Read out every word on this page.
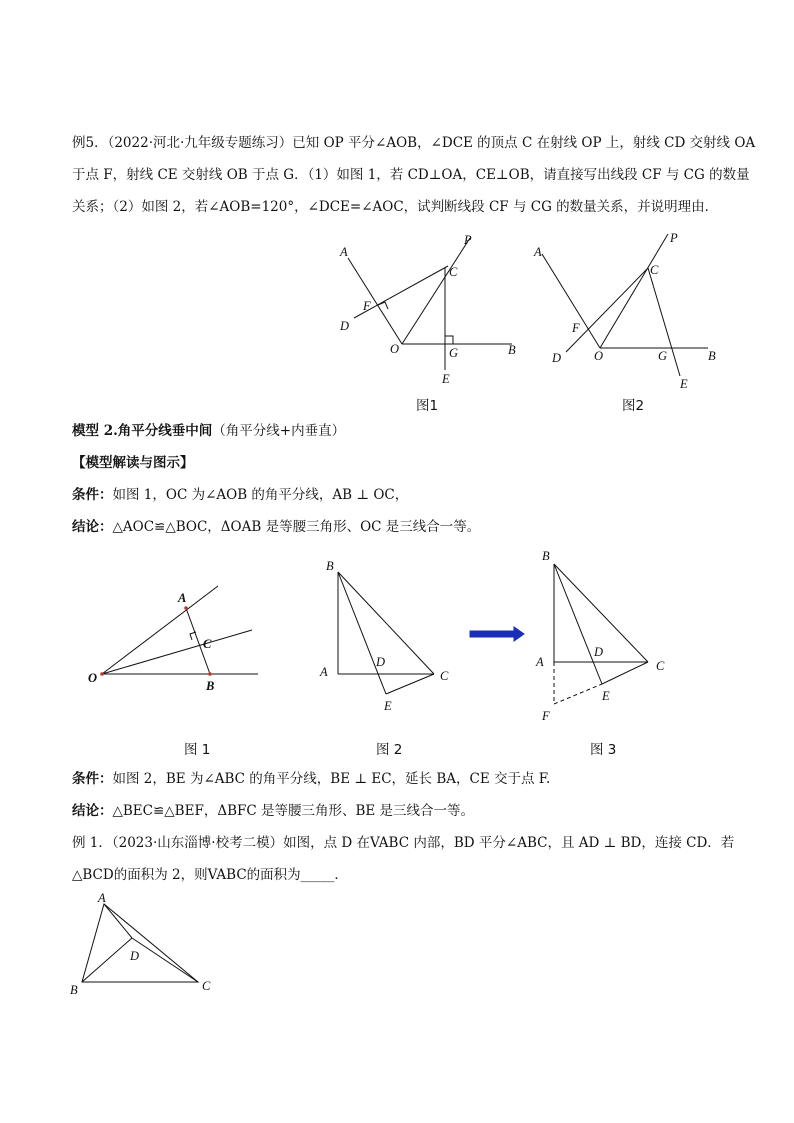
例5．（2022·河北·九年级专题练习）已知 OP 平分∠AOB，∠DCE 的顶点 C 在射线 OP 上，射线 CD 交射线 OA
于点 F，射线 CE 交射线 OB 于点 G．（1）如图 1，若 CD⊥OA，CE⊥OB，请直接写出线段 CF 与 CG 的数量
关系；（2）如图 2，若∠AOB=120°，∠DCE=∠AOC，试判断线段 CF 与 CG 的数量关系，并说明理由．
A
P
C
F
D
O	G	B
E
图1
A
P
C
F
D	O	G	B
E
图2
模型 2.角平分线垂中间（角平分线+内垂直）
【模型解读与图示】
条件：如图 1，OC 为∠AOB 的角平分线，AB ⊥ OC，
结论：△AOC≌△BOC，ΔOAB 是等腰三角形、OC 是三线合一等。
A
C
O
B
图 1
B
A
D
C
E
图 2
B
A
D
C
E
F
图 3
条件：如图 2，BE 为∠ABC 的角平分线，BE ⊥ EC，延长 BA，CE 交于点 F.
结论：△BEC≌△BEF，ΔBFC 是等腰三角形、BE 是三线合一等。
例 1．（2023·山东淄博·校考二模）如图，点 D 在VABC 内部，BD 平分∠ABC，且 AD ⊥ BD，连接 CD．若
△BCD的面积为 2，则VABC的面积为_____．
A
B	C
D
